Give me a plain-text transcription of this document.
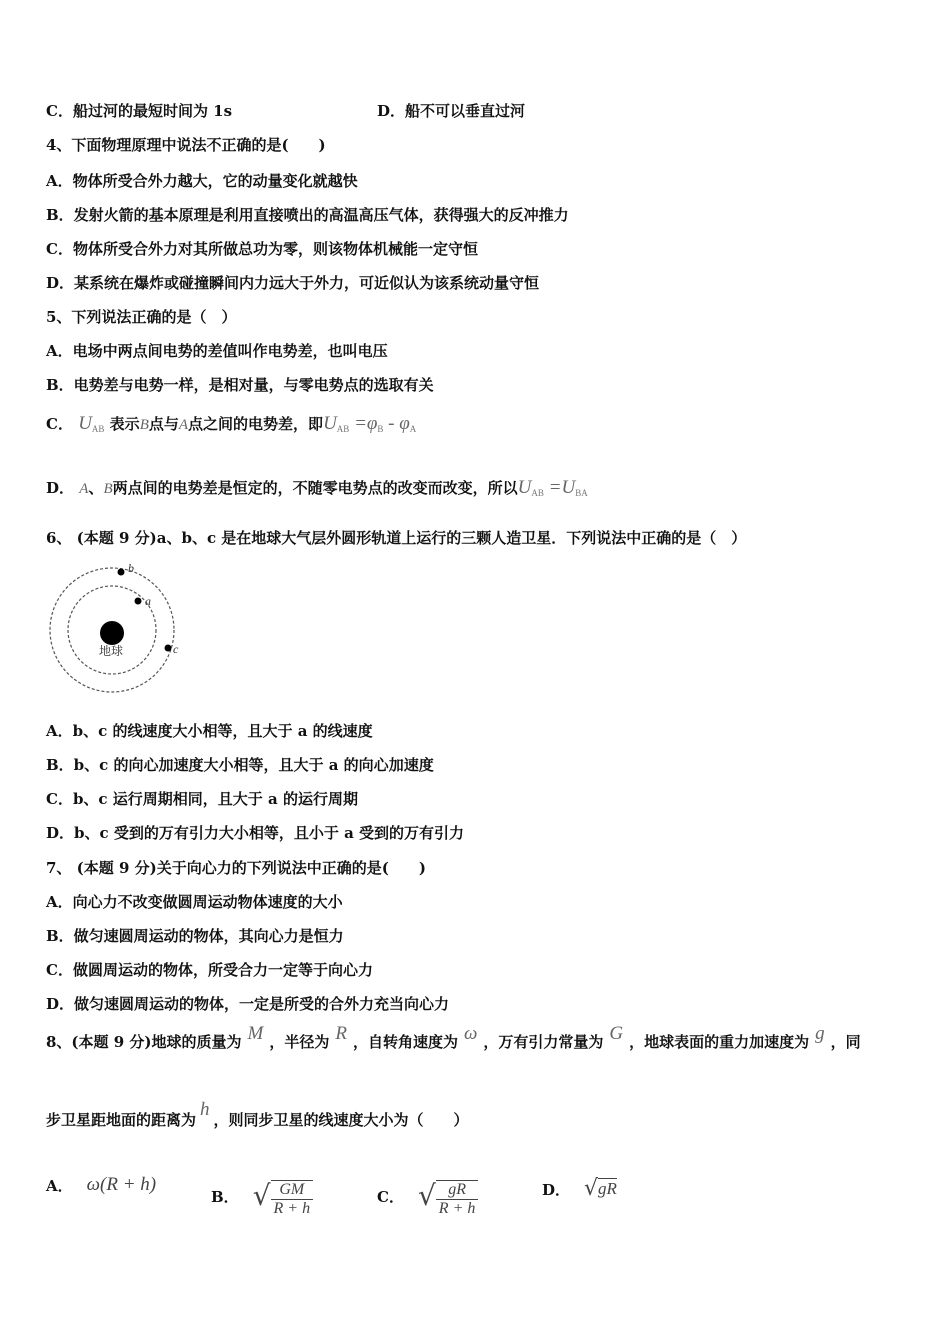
C．船过河的最短时间为 1s	D．船不可以垂直过河
4、下面物理原理中说法不正确的是(　　)
A．物体所受合外力越大，它的动量变化就越快
B．发射火箭的基本原理是利用直接喷出的高温高压气体，获得强大的反冲推力
C．物体所受合外力对其所做总功为零，则该物体机械能一定守恒
D．某系统在爆炸或碰撞瞬间内力远大于外力，可近似认为该系统动量守恒
5、下列说法正确的是（　）
A．电场中两点间电势的差值叫作电势差，也叫电压
B．电势差与电势一样，是相对量，与零电势点的选取有关
C． $U_{AB}$ 表示B点与A点之间的电势差，即$U_{AB} =\varphi_B - \varphi_A$
D． A、B两点间的电势差是恒定的，不随零电势点的改变而改变，所以$U_{AB} =U_{BA}$
6、 (本题 9 分)a、b、c 是在地球大气层外圆形轨道上运行的三颗人造卫星．下列说法中正确的是（　）
地球
b
a
c
A．b、c 的线速度大小相等，且大于 a 的线速度
B．b、c 的向心加速度大小相等，且大于 a 的向心加速度
C．b、c 运行周期相同，且大于 a 的运行周期
D．b、c 受到的万有引力大小相等，且小于 a 受到的万有引力
7、 (本题 9 分)关于向心力的下列说法中正确的是(　　)
A．向心力不改变做圆周运动物体速度的大小
B．做匀速圆周运动的物体，其向心力是恒力
C．做圆周运动的物体，所受合力一定等于向心力
D．做匀速圆周运动的物体，一定是所受的合外力充当向心力
8、(本题 9 分)地球的质量为 M ，半径为 R ，自转角速度为 ω ，万有引力常量为 G ，地球表面的重力加速度为 g ，同
步卫星距地面的距离为 h ，则同步卫星的线速度大小为（　　）
A． ω(R + h)
B． √ $\frac{GM}{R + h}$	C． √ $\frac{gR}{R + h}$	D． √ gR
